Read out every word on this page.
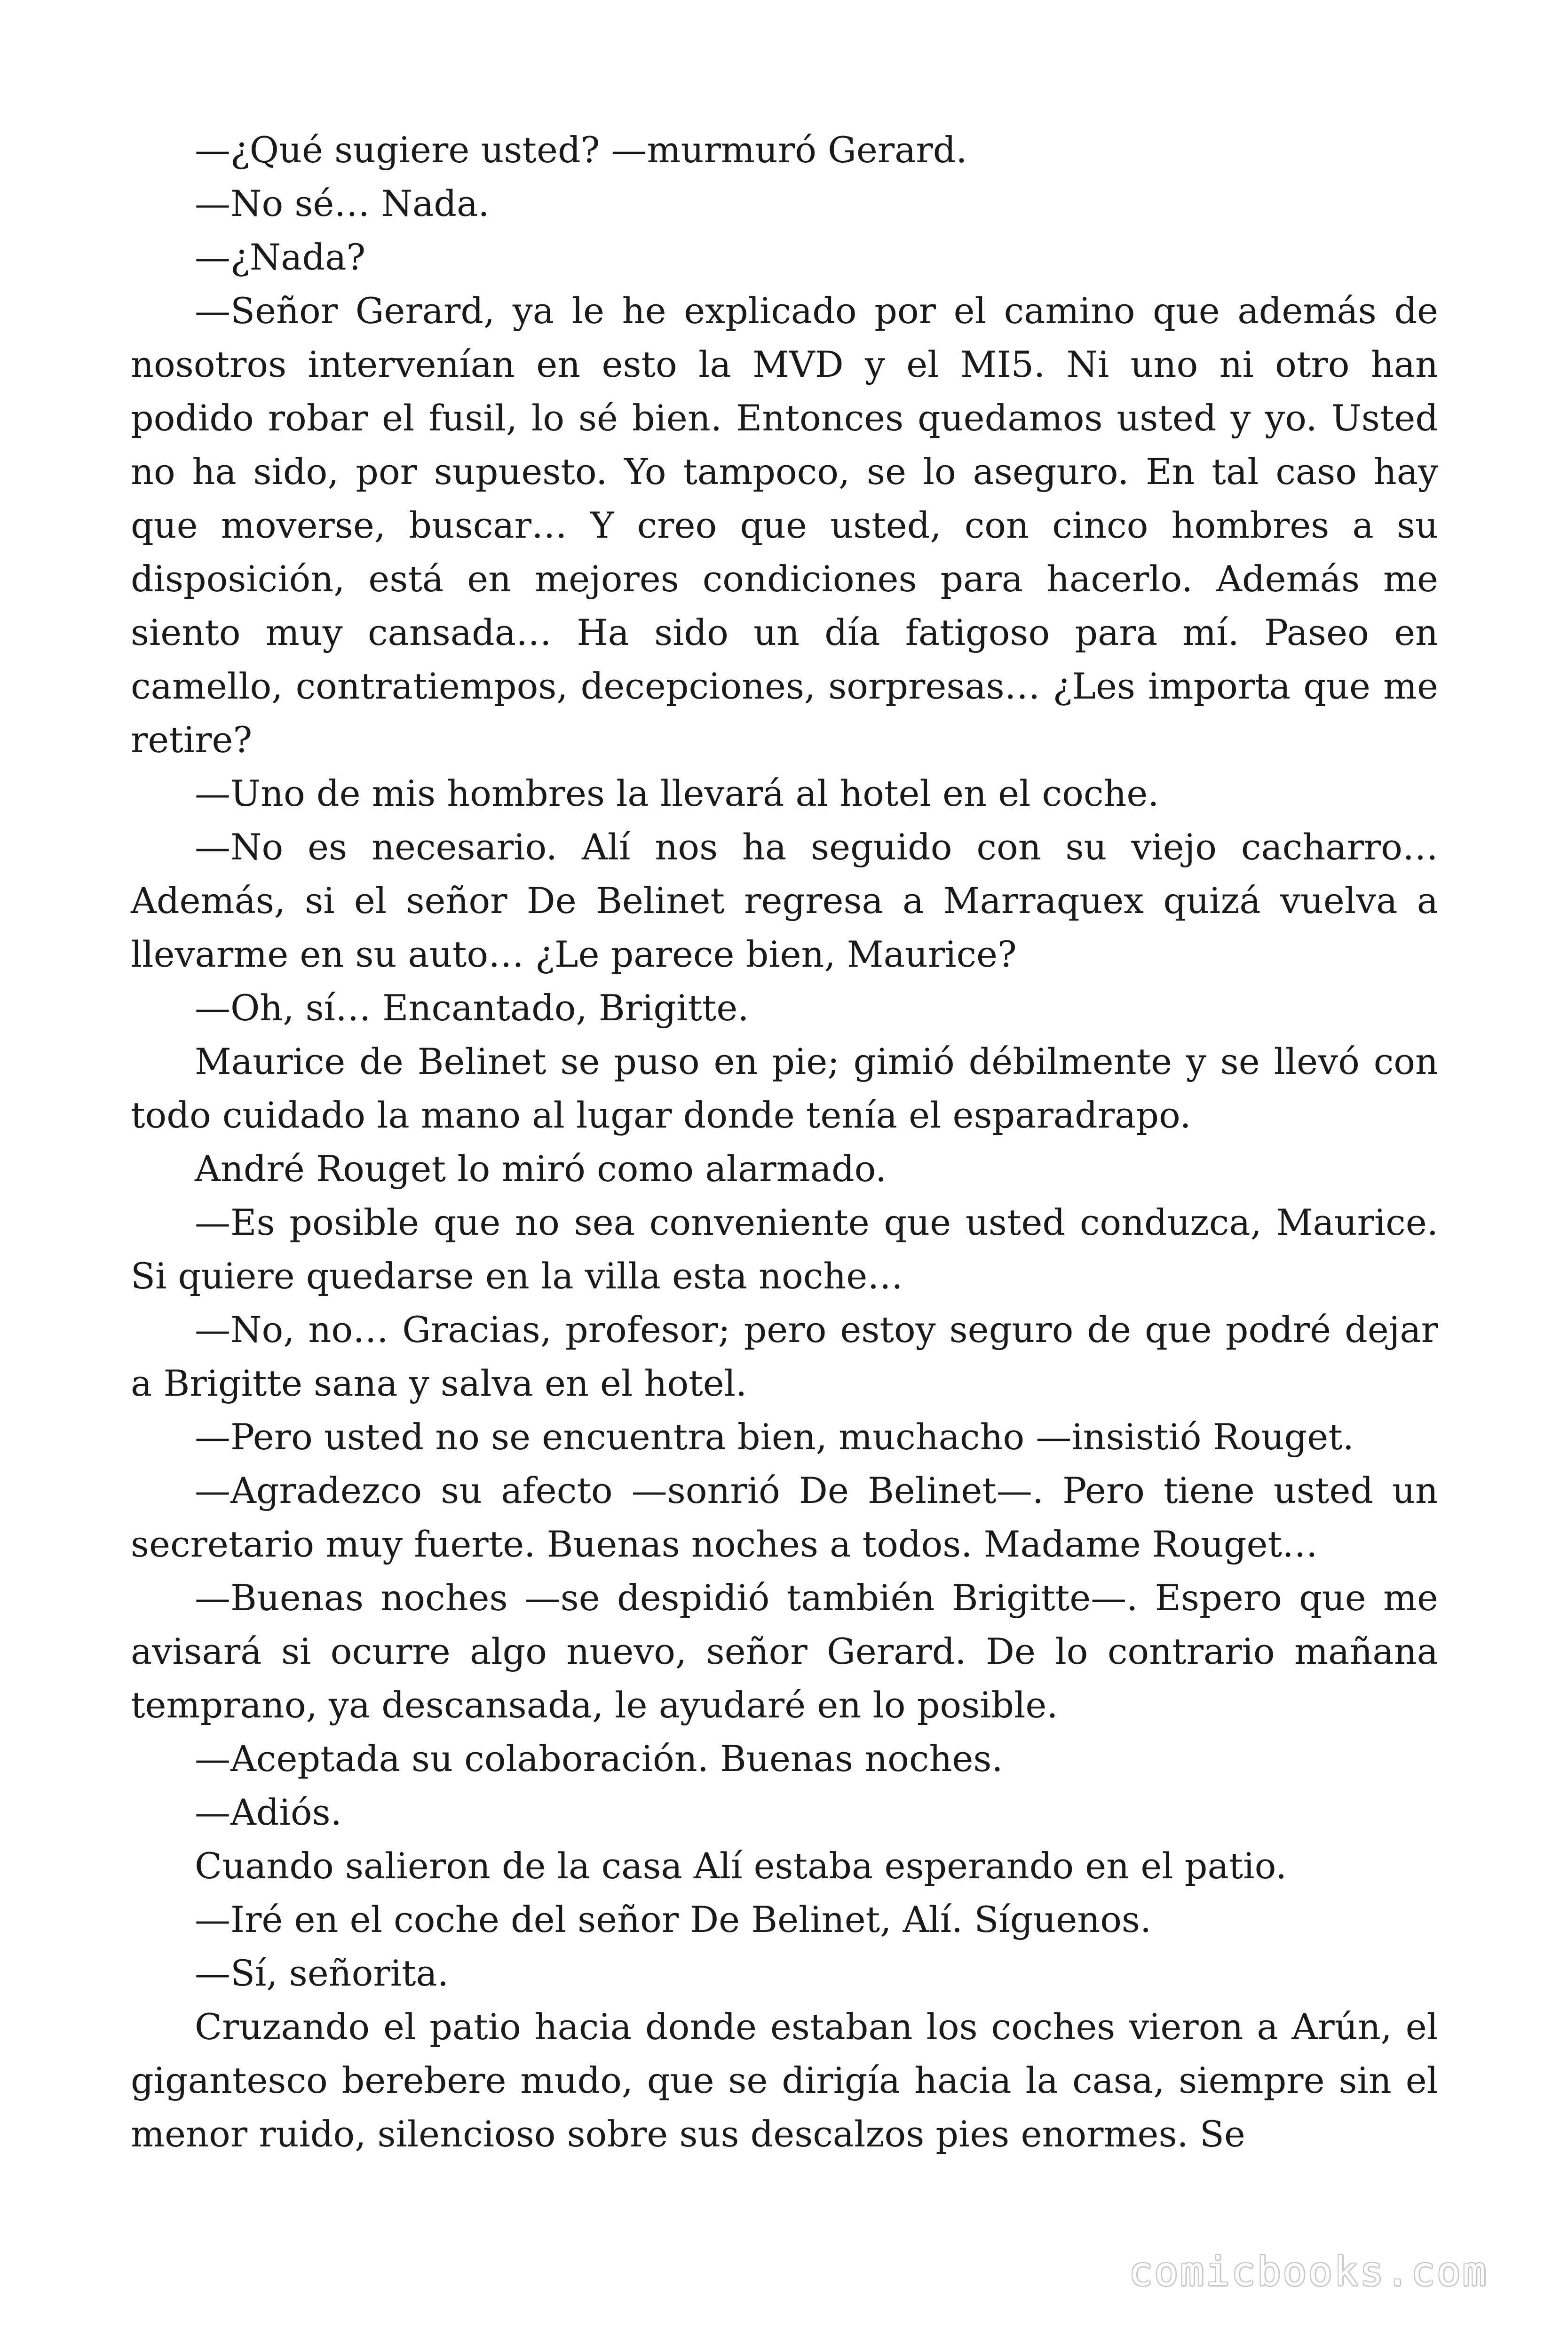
—¿Qué sugiere usted? —murmuró Gerard.

—No sé… Nada.

—¿Nada?

—Señor Gerard, ya le he explicado por el camino que además de nosotros intervenían en esto la MVD y el MI5. Ni uno ni otro han podido robar el fusil, lo sé bien. Entonces quedamos usted y yo. Usted no ha sido, por supuesto. Yo tampoco, se lo aseguro. En tal caso hay que moverse, buscar… Y creo que usted, con cinco hombres a su disposición, está en mejores condiciones para hacerlo. Además me siento muy cansada… Ha sido un día fatigoso para mí. Paseo en camello, contratiempos, decepciones, sorpresas… ¿Les importa que me retire?

—Uno de mis hombres la llevará al hotel en el coche.

—No es necesario. Alí nos ha seguido con su viejo cacharro… Además, si el señor De Belinet regresa a Marraquex quizá vuelva a llevarme en su auto… ¿Le parece bien, Maurice?

—Oh, sí… Encantado, Brigitte.

Maurice de Belinet se puso en pie; gimió débilmente y se llevó con todo cuidado la mano al lugar donde tenía el esparadrapo.

André Rouget lo miró como alarmado.

—Es posible que no sea conveniente que usted conduzca, Maurice. Si quiere quedarse en la villa esta noche…

—No, no… Gracias, profesor; pero estoy seguro de que podré dejar a Brigitte sana y salva en el hotel.

—Pero usted no se encuentra bien, muchacho —insistió Rouget.

—Agradezco su afecto —sonrió De Belinet—. Pero tiene usted un secretario muy fuerte. Buenas noches a todos. Madame Rouget…

—Buenas noches —se despidió también Brigitte—. Espero que me avisará si ocurre algo nuevo, señor Gerard. De lo contrario mañana temprano, ya descansada, le ayudaré en lo posible.

—Aceptada su colaboración. Buenas noches.

—Adiós.

Cuando salieron de la casa Alí estaba esperando en el patio.

—Iré en el coche del señor De Belinet, Alí. Síguenos.

—Sí, señorita.

Cruzando el patio hacia donde estaban los coches vieron a Arún, el gigantesco berebere mudo, que se dirigía hacia la casa, siempre sin el menor ruido, silencioso sobre sus descalzos pies enormes. Se

comicbooks.com
